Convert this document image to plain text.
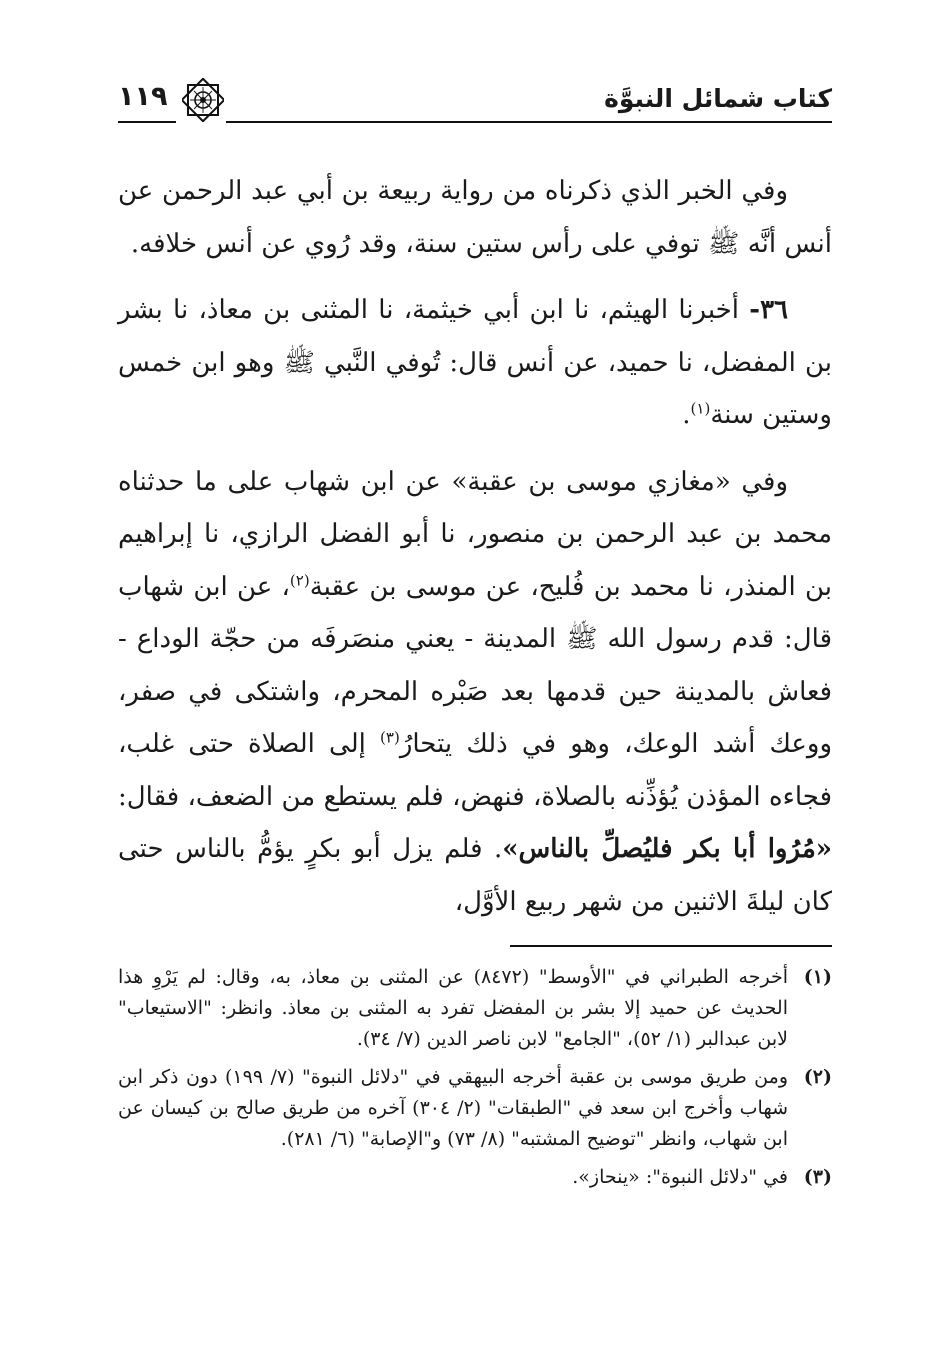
١١٩	كتاب شمائل النبوَّة

وفي الخبر الذي ذكرناه من رواية ربيعة بن أبي عبد الرحمن عن أنس أنَّه ﷺ توفي على رأس ستين سنة، وقد رُوي عن أنس خلافه.

٣٦- أخبرنا الهيثم، نا ابن أبي خيثمة، نا المثنى بن معاذ، نا بشر بن المفضل، نا حميد، عن أنس قال: تُوفي النَّبي ﷺ وهو ابن خمس وستين سنة$^{(١)}$.

وفي «مغازي موسى بن عقبة» عن ابن شهاب على ما حدثناه محمد بن عبد الرحمن بن منصور، نا أبو الفضل الرازي، نا إبراهيم بن المنذر، نا محمد بن فُليح، عن موسى بن عقبة$^{(٢)}$، عن ابن شهاب قال: قدم رسول الله ﷺ المدينة - يعني منصَرفَه من حجّة الوداع - فعاش بالمدينة حين قدمها بعد صَبْره المحرم، واشتكى في صفر، ووعك أشد الوعك، وهو في ذلك يتحارُ$^{(٣)}$ إلى الصلاة حتى غلب، فجاءه المؤذن يُؤذِّنه بالصلاة، فنهض، فلم يستطع من الضعف، فقال: «مُرُوا أبا بكر فليُصلِّ بالناس». فلم يزل أبو بكرٍ يؤمُّ بالناس حتى كان ليلةَ الاثنين من شهر ربيع الأوَّل،

(١)
أخرجه الطبراني في "الأوسط" (٨٤٧٢) عن المثنى بن معاذ، به، وقال: لم يَرْوِ هذا الحديث عن حميد إلا بشر بن المفضل تفرد به المثنى بن معاذ. وانظر: "الاستيعاب" لابن عبدالبر (١/ ٥٢)، "الجامع" لابن ناصر الدين (٧/ ٣٤).
(٢)
ومن طريق موسى بن عقبة أخرجه البيهقي في "دلائل النبوة" (٧/ ١٩٩) دون ذكر ابن شهاب وأخرج ابن سعد في "الطبقات" (٢/ ٣٠٤) آخره من طريق صالح بن كيسان عن ابن شهاب، وانظر "توضيح المشتبه" (٨/ ٧٣) و"الإصابة" (٦/ ٢٨١).
(٣)
في "دلائل النبوة": «ينحاز».
